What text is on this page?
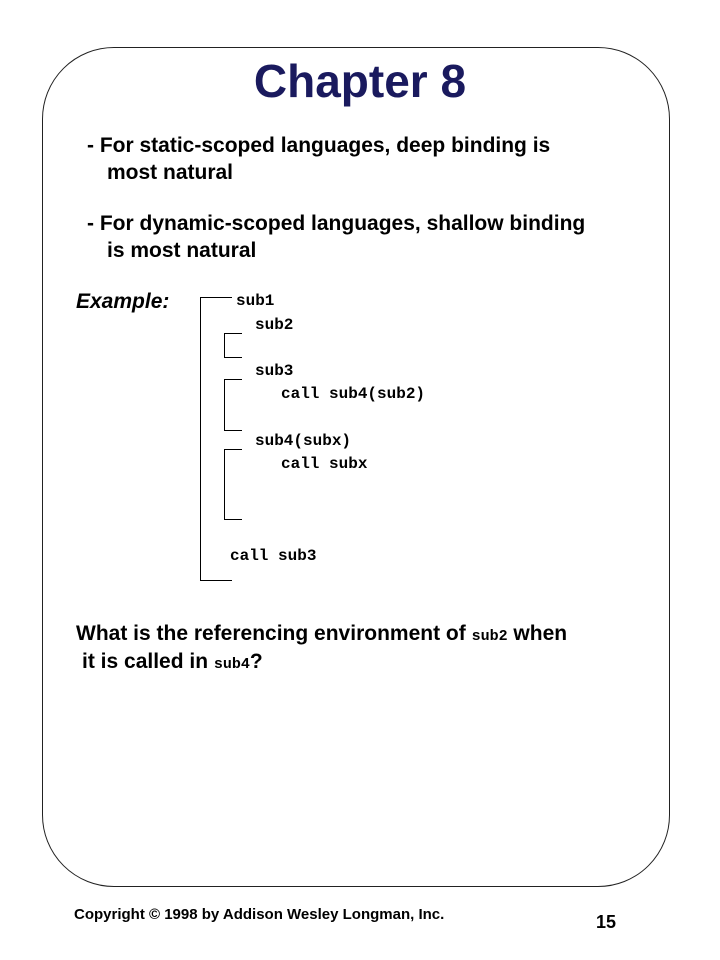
Chapter 8
- For static-scoped languages, deep binding is
most natural
- For dynamic-scoped languages, shallow binding
is most natural
Example:	sub1
sub2
sub3
call sub4(sub2)
sub4(subx)
call subx
call sub3
What is the referencing environment of sub2 when
it is called in sub4?
Copyright © 1998 by Addison Wesley Longman, Inc.	15
